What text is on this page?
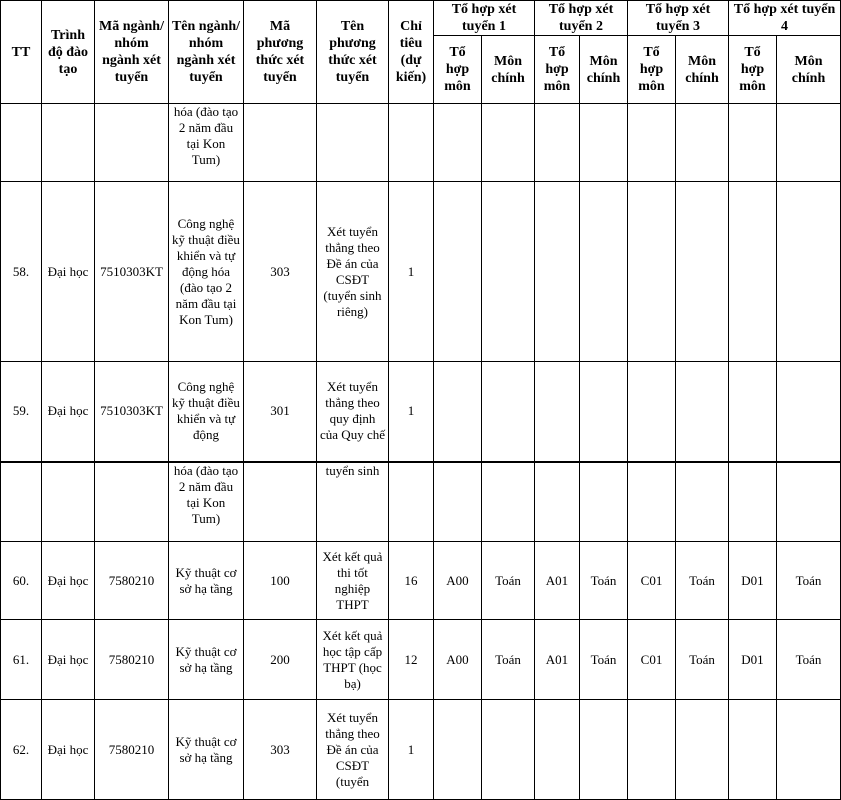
TT	Trình độ đào tạo	Mã ngành/ nhóm ngành xét tuyển	Tên ngành/ nhóm ngành xét tuyển	Mã phương thức xét tuyển	Tên phương thức xét tuyển	Chỉ tiêu (dự kiến)	Tổ hợp xét tuyển 1		Tổ hợp xét tuyển 2		Tổ hợp xét tuyển 3		Tổ hợp xét tuyển 4	
							Tổ hợp môn	Môn chính	Tổ hợp môn	Môn chính	Tổ hợp môn	Môn chính	Tổ hợp môn	Môn chính
			hóa (đào tạo 2 năm đầu tại Kon Tum)											
58.	Đại học	7510303KT	Công nghệ kỹ thuật điều khiển và tự động hóa (đào tạo 2 năm đầu tại Kon Tum)	303	Xét tuyển thẳng theo Đề án của CSĐT (tuyển sinh riêng)	1								
59.	Đại học	7510303KT	Công nghệ kỹ thuật điều khiển và tự động	301	Xét tuyển thẳng theo quy định của Quy chế	1								
			hóa (đào tạo 2 năm đầu tại Kon Tum)		tuyển sinh									
60.	Đại học	7580210	Kỹ thuật cơ sở hạ tầng	100	Xét kết quả thi tốt nghiệp THPT	16	A00	Toán	A01	Toán	C01	Toán	D01	Toán
61.	Đại học	7580210	Kỹ thuật cơ sở hạ tầng	200	Xét kết quả học tập cấp THPT (học bạ)	12	A00	Toán	A01	Toán	C01	Toán	D01	Toán
62.	Đại học	7580210	Kỹ thuật cơ sở hạ tầng	303	Xét tuyển thẳng theo Đề án của CSĐT (tuyển	1								
